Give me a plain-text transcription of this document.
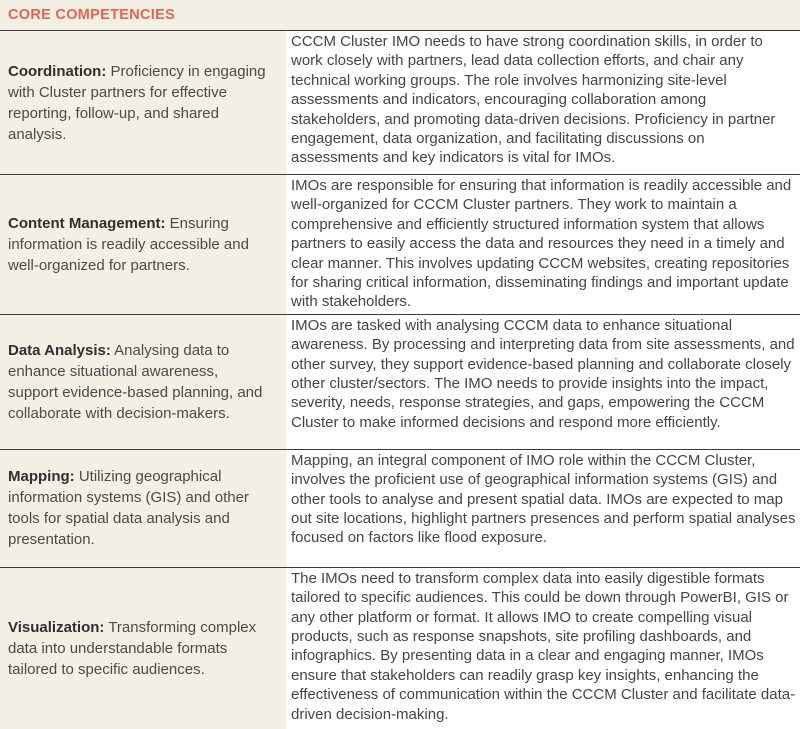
CORE COMPETENCIES

Coordination: Proficiency in engaging with Cluster partners for effective reporting, follow-up, and shared analysis.

CCCM Cluster IMO needs to have strong coordination skills, in order to work closely with partners, lead data collection efforts, and chair any technical working groups. The role involves harmonizing site-level assessments and indicators, encouraging collaboration among stakeholders, and promoting data-driven decisions. Proficiency in partner engagement, data organization, and facilitating discussions on assessments and key indicators is vital for IMOs.

Content Management: Ensuring information is readily accessible and well-organized for partners.

IMOs are responsible for ensuring that information is readily accessible and well-organized for CCCM Cluster partners. They work to maintain a comprehensive and efficiently structured information system that allows partners to easily access the data and resources they need in a timely and clear manner. This involves updating CCCM websites, creating repositories for sharing critical information, disseminating findings and important update with stakeholders.

Data Analysis: Analysing data to enhance situational awareness, support evidence-based planning, and collaborate with decision-makers.

IMOs are tasked with analysing CCCM data to enhance situational awareness. By processing and interpreting data from site assessments, and other survey, they support evidence-based planning and collaborate closely other cluster/sectors. The IMO needs to provide insights into the impact, severity, needs, response strategies, and gaps, empowering the CCCM Cluster to make informed decisions and respond more efficiently.

Mapping: Utilizing geographical information systems (GIS) and other tools for spatial data analysis and presentation.

Mapping, an integral component of IMO role within the CCCM Cluster, involves the proficient use of geographical information systems (GIS) and other tools to analyse and present spatial data. IMOs are expected to map out site locations, highlight partners presences and perform spatial analyses focused on factors like flood exposure.

Visualization: Transforming complex data into understandable formats tailored to specific audiences.

The IMOs need to transform complex data into easily digestible formats tailored to specific audiences. This could be down through PowerBI, GIS or any other platform or format. It allows IMO to create compelling visual products, such as response snapshots, site profiling dashboards, and infographics. By presenting data in a clear and engaging manner, IMOs ensure that stakeholders can readily grasp key insights, enhancing the effectiveness of communication within the CCCM Cluster and facilitate data-driven decision-making.
